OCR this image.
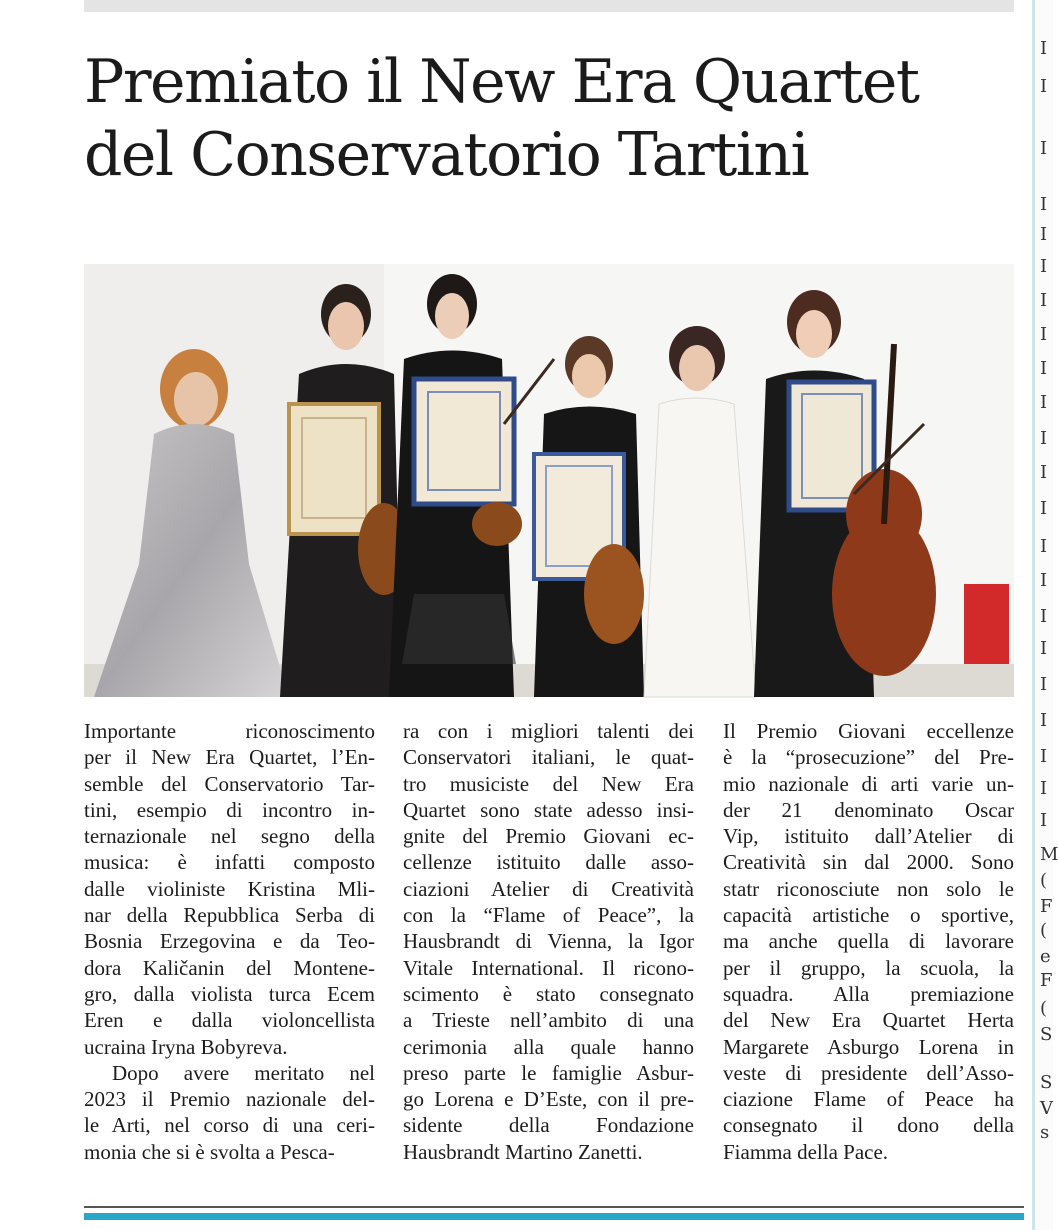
Premiato il New Era Quartet
del Conservatorio Tartini

Importante riconoscimento
per il New Era Quartet, l’En-
semble del Conservatorio Tar-
tini, esempio di incontro in-
ternazionale nel segno della
musica: è infatti composto
dalle violiniste Kristina Mli-
nar della Repubblica Serba di
Bosnia Erzegovina e da Teo-
dora Kaličanin del Montene-
gro, dalla violista turca Ecem
Eren e dalla violoncellista
ucraina Iryna Bobyreva.

Dopo avere meritato nel
2023 il Premio nazionale del-
le Arti, nel corso di una ceri-
monia che si è svolta a Pesca-

ra con i migliori talenti dei
Conservatori italiani, le quat-
tro musiciste del New Era
Quartet sono state adesso insi-
gnite del Premio Giovani ec-
cellenze istituito dalle asso-
ciazioni Atelier di Creatività
con la “Flame of Peace”, la
Hausbrandt di Vienna, la Igor
Vitale International. Il ricono-
scimento è stato consegnato
a Trieste nell’ambito di una
cerimonia alla quale hanno
preso parte le famiglie Asbur-
go Lorena e D’Este, con il pre-
sidente della Fondazione
Hausbrandt Martino Zanetti.

Il Premio Giovani eccellenze
è la “prosecuzione” del Pre-
mio nazionale di arti varie un-
der 21 denominato Oscar
Vip, istituito dall’Atelier di
Creatività sin dal 2000. Sono
statr riconosciute non solo le
capacità artistiche o sportive,
ma anche quella di lavorare
per il gruppo, la scuola, la
squadra. Alla premiazione
del New Era Quartet Herta
Margarete Asburgo Lorena in
veste di presidente dell’Asso-
ciazione Flame of Peace ha
consegnato il dono della
Fiamma della Pace.

I
I
I
I
I
I
I
I
I
I
I
I
I
I
I
I
I
I
I
I
I
I
M
(
F
(
e
F
(
S
S
V
s
